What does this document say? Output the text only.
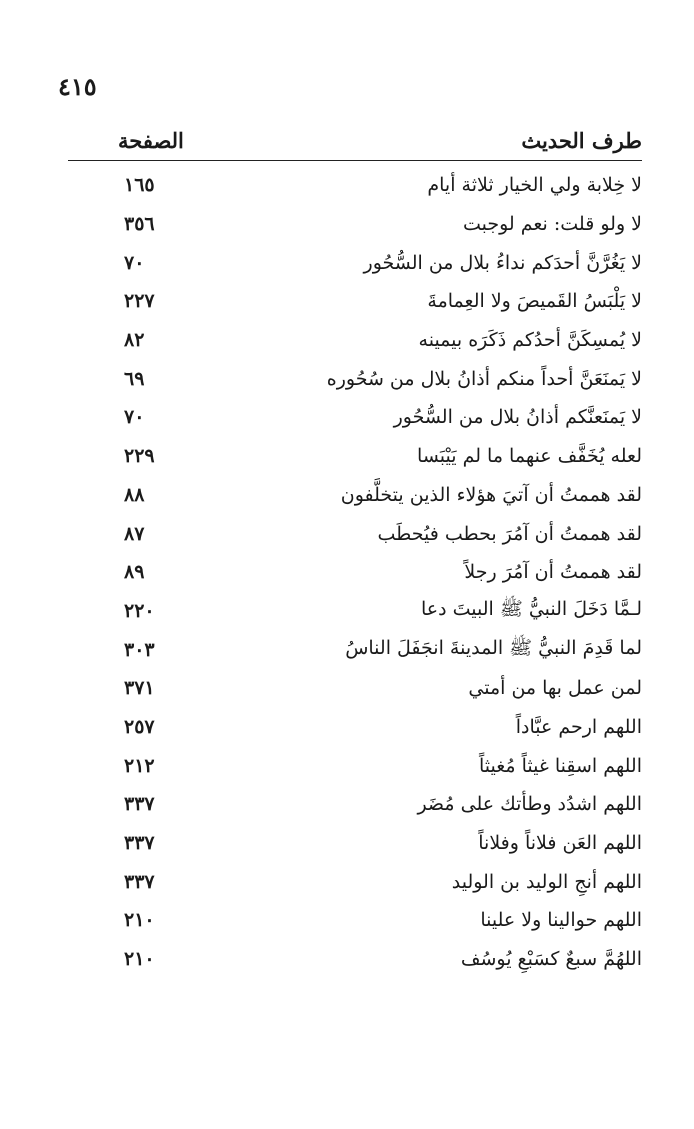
٤١٥
طرف الحديث
الصفحة
لا خِلابة ولي الخيار ثلاثة أيام
١٦٥
لا ولو قلت: نعم لوجبت
٣٥٦
لا يَغُرَّنَّ أحدَكم نداءُ بلال من السُّحُور
٧٠
لا يَلْبَسُ القَميصَ ولا العِمامةَ
٢٢٧
لا يُمسِكَنَّ أحدُكم ذَكَرَه بيمينه
٨٢
لا يَمنَعَنَّ أحداً منكم أذانُ بلال من سُحُوره
٦٩
لا يَمنَعنَّكم أذانُ بلال من السُّحُور
٧٠
لعله يُخَفَّف عنهما ما لم يَيْبَسا
٢٢٩
لقد هممتُ أن آتيَ هؤلاء الذين يتخلَّفون
٨٨
لقد هممتُ أن آمُرَ بحطب فيُحطَب
٨٧
لقد هممتُ أن آمُرَ رجلاً
٨٩
لـمَّا دَخَلَ النبيُّ ﷺ البيتَ دعا
٢٢٠
لما قَدِمَ النبيُّ ﷺ المدينةَ انجَفَلَ الناسُ
٣٠٣
لمن عمل بها من أمتي
٣٧١
اللهم ارحم عبَّاداً
٢٥٧
اللهم اسقِنا غيثاً مُغيثاً
٢١٢
اللهم اشدُد وطأتك على مُضَر
٣٣٧
اللهم العَن فلاناً وفلاناً
٣٣٧
اللهم أنجِ الوليد بن الوليد
٣٣٧
اللهم حوالينا ولا علينا
٢١٠
اللهُمَّ سبعٌ كسَبْعِ يُوسُف
٢١٠
